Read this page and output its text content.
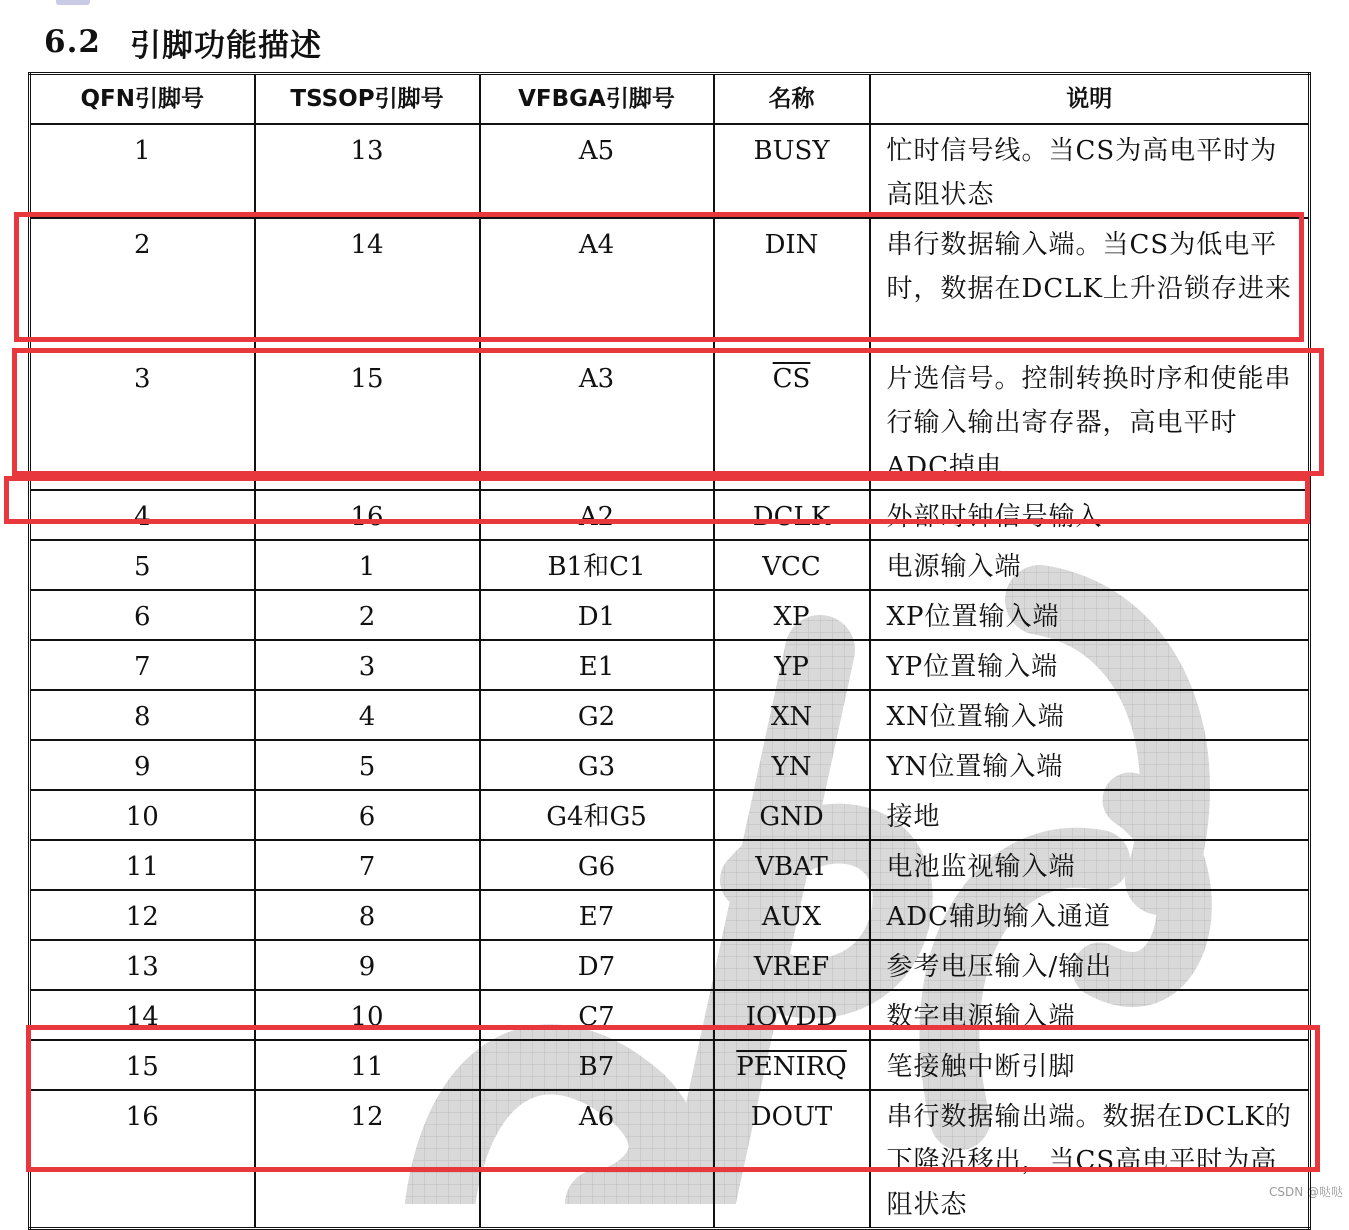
6.2 引脚功能描述
QFN引脚号	TSSOP引脚号	VFBGA引脚号	名称	说明
1	13	A5	BUSY	忙时信号线。当CS为高电平时为高阻状态
2	14	A4	DIN	串行数据输入端。当CS为低电平时，数据在DCLK上升沿锁存进来
3	15	A3	$\overline{CS}$	片选信号。控制转换时序和使能串行输入输出寄存器，高电平时ADC掉电
4	16	A2	DCLK	外部时钟信号输入
5	1	B1和C1	VCC	电源输入端
6	2	D1	XP	XP位置输入端
7	3	E1	YP	YP位置输入端
8	4	G2	XN	XN位置输入端
9	5	G3	YN	YN位置输入端
10	6	G4和G5	GND	接地
11	7	G6	VBAT	电池监视输入端
12	8	E7	AUX	ADC辅助输入通道
13	9	D7	VREF	参考电压输入/输出
14	10	C7	IOVDD	数字电源输入端
15	11	B7	PENIRQ	笔接触中断引脚
16	12	A6	DOUT	串行数据输出端。数据在DCLK的下降沿移出，当CS高电平时为高阻状态	CSDN @哒哒
